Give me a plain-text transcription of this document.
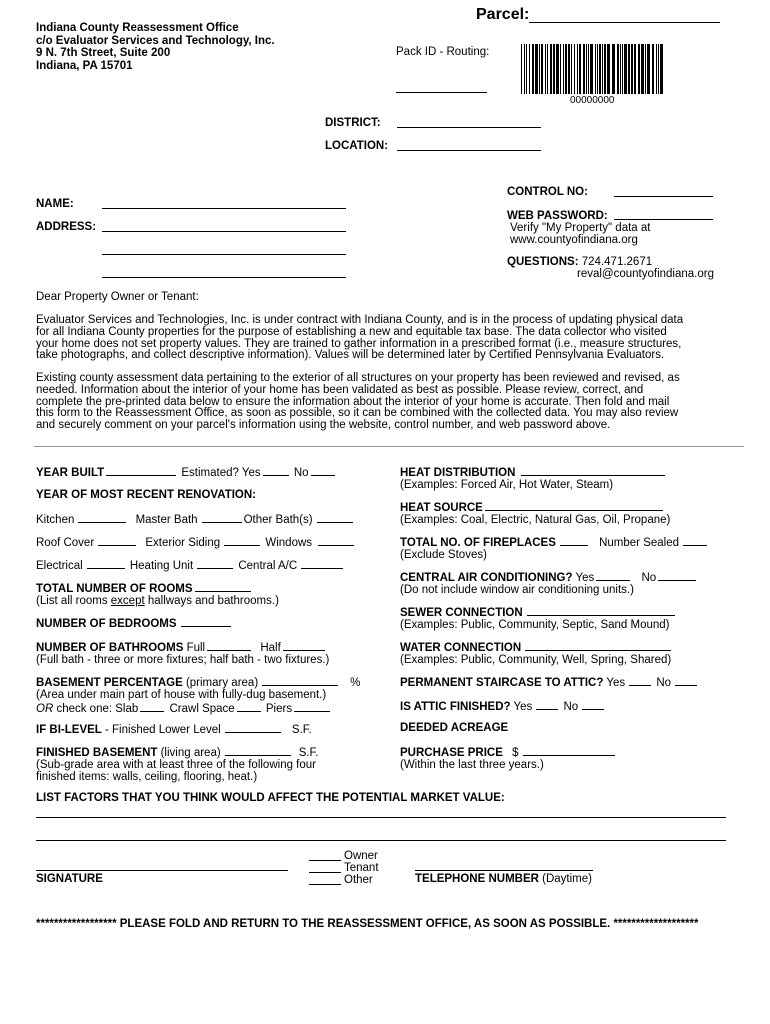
Indiana County Reassessment Office
c/o Evaluator Services and Technology, Inc.
9 N. 7th Street, Suite 200
Indiana, PA 15701
Parcel:
Pack ID - Routing:
00000000
DISTRICT:
LOCATION:
CONTROL NO:
WEB PASSWORD:
Verify "My Property" data at
www.countyofindiana.org
QUESTIONS: 724.471.2671
reval@countyofindiana.org
NAME:
ADDRESS:
Dear Property Owner or Tenant:
Evaluator Services and Technologies, Inc. is under contract with Indiana County, and is in the process of updating physical data
for all Indiana County properties for the purpose of establishing a new and equitable tax base. The data collector who visited
your home does not set property values. They are trained to gather information in a prescribed format (i.e., measure structures,
take photographs, and collect descriptive information). Values will be determined later by Certified Pennsylvania Evaluators.
Existing county assessment data pertaining to the exterior of all structures on your property has been reviewed and revised, as
needed. Information about the interior of your home has been validated as best as possible. Please review, correct, and
complete the pre-printed data below to ensure the information about the interior of your home is accurate. Then fold and mail
this form to the Reassessment Office, as soon as possible, so it can be combined with the collected data. You may also review
and securely comment on your parcel's information using the website, control number, and web password above.
YEAR BUILT	Estimated? Yes	No
YEAR OF MOST RECENT RENOVATION:
Kitchen	Master Bath	Other Bath(s)
Roof Cover	Exterior Siding	Windows
Electrical	Heating Unit	Central A/C
TOTAL NUMBER OF ROOMS
(List all rooms except hallways and bathrooms.)
NUMBER OF BEDROOMS
NUMBER OF BATHROOMS Full	Half
(Full bath - three or more fixtures; half bath - two fixtures.)
BASEMENT PERCENTAGE (primary area)	%
(Area under main part of house with fully-dug basement.)
OR check one: Slab	Crawl Space	Piers
IF BI-LEVEL - Finished Lower Level	S.F.
FINISHED BASEMENT (living area)	S.F.
(Sub-grade area with at least three of the following four
finished items: walls, ceiling, flooring, heat.)
HEAT DISTRIBUTION
(Examples: Forced Air, Hot Water, Steam)
HEAT SOURCE
(Examples: Coal, Electric, Natural Gas, Oil, Propane)
TOTAL NO. OF FIREPLACES	Number Sealed
(Exclude Stoves)
CENTRAL AIR CONDITIONING? Yes	No
(Do not include window air conditioning units.)
SEWER CONNECTION
(Examples: Public, Community, Septic, Sand Mound)
WATER CONNECTION
(Examples: Public, Community, Well, Spring, Shared)
PERMANENT STAIRCASE TO ATTIC? Yes	No
IS ATTIC FINISHED? Yes	No
DEEDED ACREAGE
PURCHASE PRICE $
(Within the last three years.)
LIST FACTORS THAT YOU THINK WOULD AFFECT THE POTENTIAL MARKET VALUE:
SIGNATURE
Owner
Tenant
Other	TELEPHONE NUMBER (Daytime)
****************** PLEASE FOLD AND RETURN TO THE REASSESSMENT OFFICE, AS SOON AS POSSIBLE. *******************
